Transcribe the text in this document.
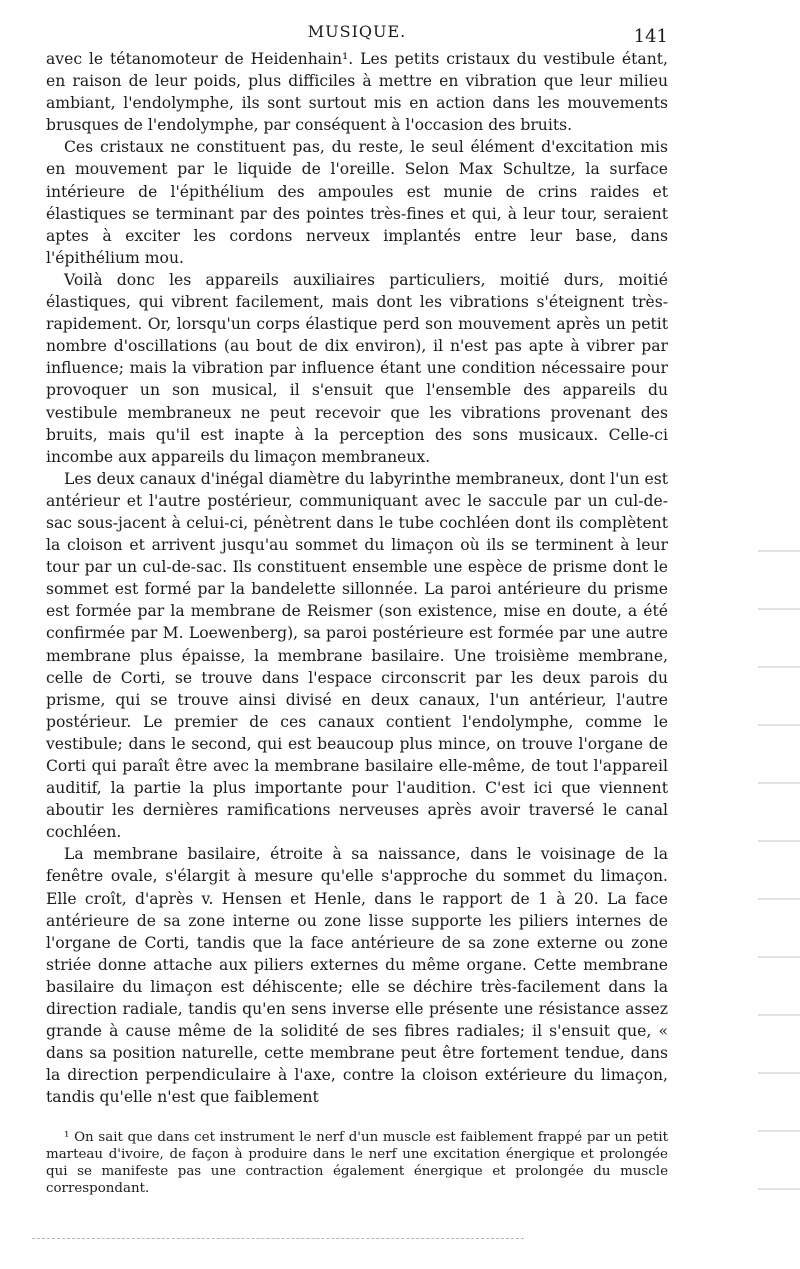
MUSIQUE.	141

avec le tétanomoteur de Heidenhain¹. Les petits cristaux du vestibule étant, en raison de leur poids, plus difficiles à mettre en vibration que leur milieu ambiant, l'endolymphe, ils sont surtout mis en action dans les mouvements brusques de l'endolymphe, par conséquent à l'occasion des bruits.

Ces cristaux ne constituent pas, du reste, le seul élément d'excitation mis en mouvement par le liquide de l'oreille. Selon Max Schultze, la surface intérieure de l'épithélium des ampoules est munie de crins raides et élastiques se terminant par des pointes très-fines et qui, à leur tour, seraient aptes à exciter les cordons nerveux implantés entre leur base, dans l'épithélium mou.

Voilà donc les appareils auxiliaires particuliers, moitié durs, moitié élastiques, qui vibrent facilement, mais dont les vibrations s'éteignent très-rapidement. Or, lorsqu'un corps élastique perd son mouvement après un petit nombre d'oscillations (au bout de dix environ), il n'est pas apte à vibrer par influence; mais la vibration par influence étant une condition nécessaire pour provoquer un son musical, il s'ensuit que l'ensemble des appareils du vestibule membraneux ne peut recevoir que les vibrations provenant des bruits, mais qu'il est inapte à la perception des sons musicaux. Celle-ci incombe aux appareils du limaçon membraneux.

Les deux canaux d'inégal diamètre du labyrinthe membraneux, dont l'un est antérieur et l'autre postérieur, communiquant avec le saccule par un cul-de-sac sous-jacent à celui-ci, pénètrent dans le tube cochléen dont ils complètent la cloison et arrivent jusqu'au sommet du limaçon où ils se terminent à leur tour par un cul-de-sac. Ils constituent ensemble une espèce de prisme dont le sommet est formé par la bandelette sillonnée. La paroi antérieure du prisme est formée par la membrane de Reismer (son existence, mise en doute, a été confirmée par M. Loewenberg), sa paroi postérieure est formée par une autre membrane plus épaisse, la membrane basilaire. Une troisième membrane, celle de Corti, se trouve dans l'espace circonscrit par les deux parois du prisme, qui se trouve ainsi divisé en deux canaux, l'un antérieur, l'autre postérieur. Le premier de ces canaux contient l'endolymphe, comme le vestibule; dans le second, qui est beaucoup plus mince, on trouve l'organe de Corti qui paraît être avec la membrane basilaire elle-même, de tout l'appareil auditif, la partie la plus importante pour l'audition. C'est ici que viennent aboutir les dernières ramifications nerveuses après avoir traversé le canal cochléen.

La membrane basilaire, étroite à sa naissance, dans le voisinage de la fenêtre ovale, s'élargit à mesure qu'elle s'approche du sommet du limaçon. Elle croît, d'après v. Hensen et Henle, dans le rapport de 1 à 20. La face antérieure de sa zone interne ou zone lisse supporte les piliers internes de l'organe de Corti, tandis que la face antérieure de sa zone externe ou zone striée donne attache aux piliers externes du même organe. Cette membrane basilaire du limaçon est déhiscente; elle se déchire très-facilement dans la direction radiale, tandis qu'en sens inverse elle présente une résistance assez grande à cause même de la solidité de ses fibres radiales; il s'ensuit que, « dans sa position naturelle, cette membrane peut être fortement tendue, dans la direction perpendiculaire à l'axe, contre la cloison extérieure du limaçon, tandis qu'elle n'est que faiblement

¹ On sait que dans cet instrument le nerf d'un muscle est faiblement frappé par un petit marteau d'ivoire, de façon à produire dans le nerf une excitation énergique et prolongée qui se manifeste pas une contraction également énergique et prolongée du muscle correspondant.
